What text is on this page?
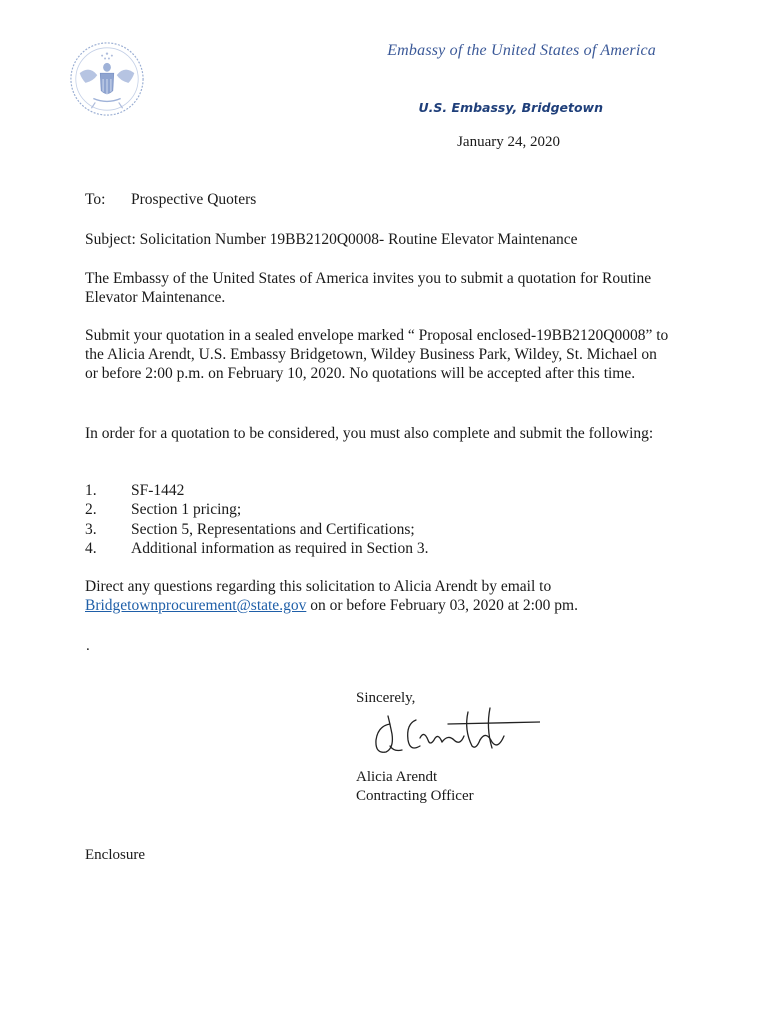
Embassy of the United States of America
U.S. Embassy, Bridgetown
January 24, 2020
To: Prospective Quoters
Subject: Solicitation Number 19BB2120Q0008- Routine Elevator Maintenance
The Embassy of the United States of America invites you to submit a quotation for Routine Elevator Maintenance.
Submit your quotation in a sealed envelope marked “ Proposal enclosed-19BB2120Q0008” to the Alicia Arendt, U.S. Embassy Bridgetown, Wildey Business Park, Wildey, St. Michael on or before 2:00 p.m. on February 10, 2020. No quotations will be accepted after this time.
In order for a quotation to be considered, you must also complete and submit the following:
1.	SF-1442
2.	Section 1 pricing;
3.	Section 5, Representations and Certifications;
4.	Additional information as required in Section 3.
Direct any questions regarding this solicitation to Alicia Arendt by email to
Bridgetownprocurement@state.gov on or before February 03, 2020 at 2:00 pm.
.
Sincerely,
Alicia Arendt
Contracting Officer
Enclosure
